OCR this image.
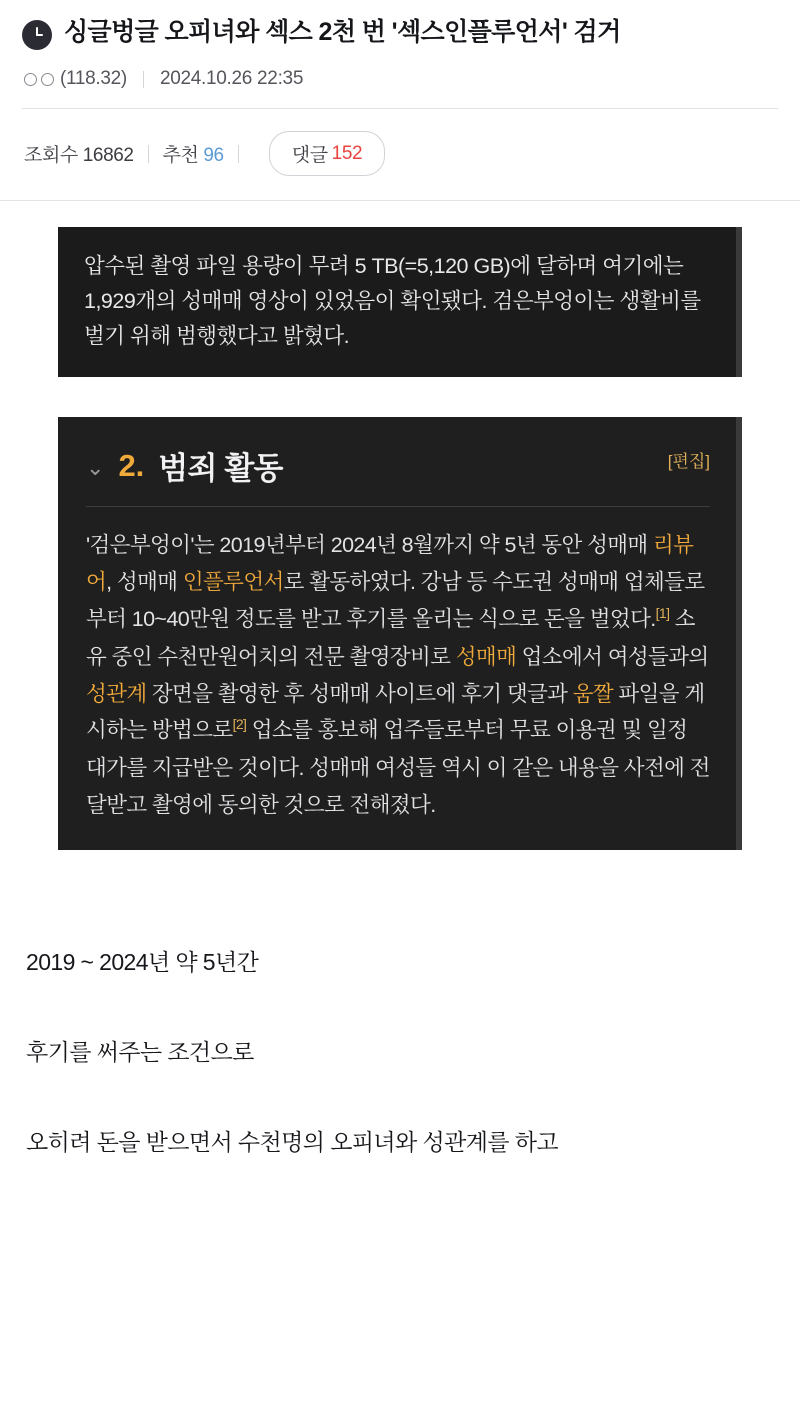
싱글벙글 오피녀와 섹스 2천 번 '섹스인플루언서' 검거
(118.32) 2024.10.26 22:35
조회수 16862 추천 96	댓글 152
압수된 촬영 파일 용량이 무려 5 TB(=5,120 GB)에 달하며 여기에는 1,929개의 성매매 영상이 있었음이 확인됐다. 검은부엉이는 생활비를 벌기 위해 범행했다고 밝혔다.
⌄ 2. 범죄 활동	[편집]
'검은부엉이'는 2019년부터 2024년 8월까지 약 5년 동안 성매매 리뷰어, 성매매 인플루언서로 활동하였다. 강남 등 수도권 성매매 업체들로부터 10~40만원 정도를 받고 후기를 올리는 식으로 돈을 벌었다.[1] 소유 중인 수천만원어치의 전문 촬영장비로 성매매 업소에서 여성들과의 성관계 장면을 촬영한 후 성매매 사이트에 후기 댓글과 움짤 파일을 게시하는 방법으로[2] 업소를 홍보해 업주들로부터 무료 이용권 및 일정 대가를 지급받은 것이다. 성매매 여성들 역시 이 같은 내용을 사전에 전달받고 촬영에 동의한 것으로 전해졌다.

2019 ~ 2024년 약 5년간

후기를 써주는 조건으로

오히려 돈을 받으면서 수천명의 오피녀와 성관계를 하고
